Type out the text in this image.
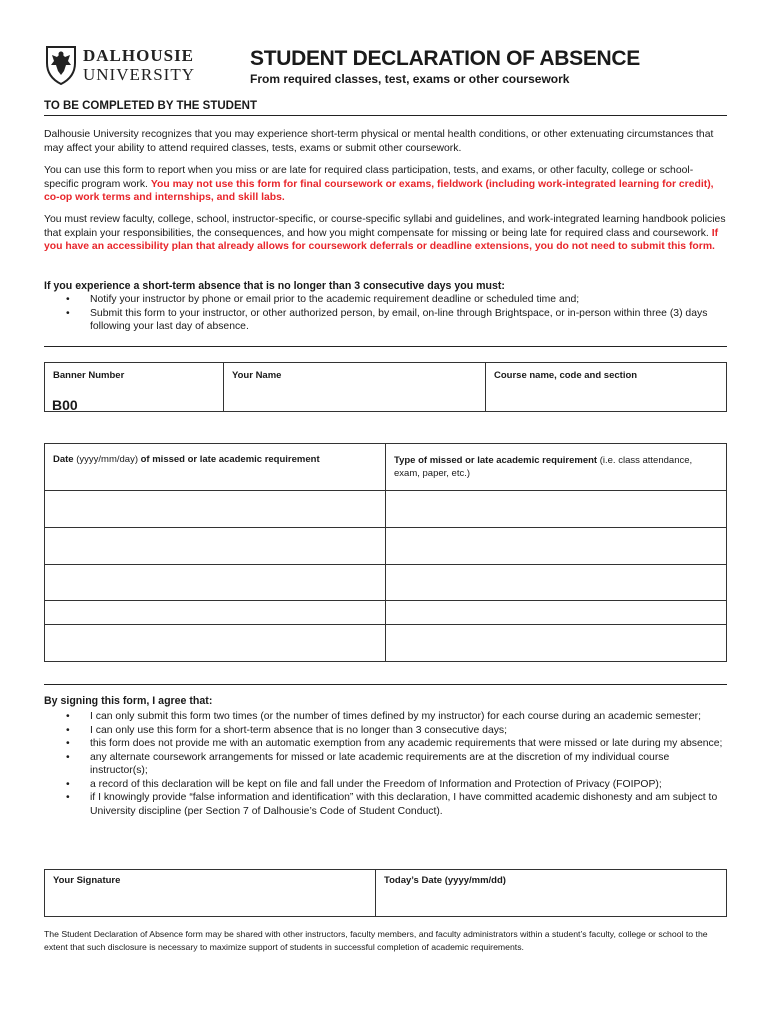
DALHOUSIE
UNIVERSITY
STUDENT DECLARATION OF ABSENCE
From required classes, test, exams or other coursework
TO BE COMPLETED BY THE STUDENT
Dalhousie University recognizes that you may experience short-term physical or mental health conditions, or other extenuating circumstances that may affect your ability to attend required classes, tests, exams or submit other coursework.
You can use this form to report when you miss or are late for required class participation, tests, and exams, or other faculty, college or school-specific program work. You may not use this form for final coursework or exams, fieldwork (including work-integrated learning for credit), co-op work terms and internships, and skill labs.
You must review faculty, college, school, instructor-specific, or course-specific syllabi and guidelines, and work-integrated learning handbook policies that explain your responsibilities, the consequences, and how you might compensate for missing or being late for required class and coursework. If you have an accessibility plan that already allows for coursework deferrals or deadline extensions, you do not need to submit this form.
If you experience a short-term absence that is no longer than 3 consecutive days you must:
• Notify your instructor by phone or email prior to the academic requirement deadline or scheduled time and;
• Submit this form to your instructor, or other authorized person, by email, on-line through Brightspace, or in-person within three (3) days following your last day of absence.
Banner Number	Your Name	Course name, code and section
B00
Date (yyyy/mm/day) of missed or late academic requirement	Type of missed or late academic requirement (i.e. class attendance, exam, paper, etc.)

By signing this form, I agree that:
• I can only submit this form two times (or the number of times defined by my instructor) for each course during an academic semester;
• I can only use this form for a short-term absence that is no longer than 3 consecutive days;
• this form does not provide me with an automatic exemption from any academic requirements that were missed or late during my absence;
• any alternate coursework arrangements for missed or late academic requirements are at the discretion of my individual course instructor(s);
• a record of this declaration will be kept on file and fall under the Freedom of Information and Protection of Privacy (FOIPOP);
• if I knowingly provide “false information and identification” with this declaration, I have committed academic dishonesty and am subject to University discipline (per Section 7 of Dalhousie’s Code of Student Conduct).
Your Signature	Today’s Date (yyyy/mm/dd)
The Student Declaration of Absence form may be shared with other instructors, faculty members, and faculty administrators within a student’s faculty, college or school to the extent that such disclosure is necessary to maximize support of students in successful completion of academic requirements.
